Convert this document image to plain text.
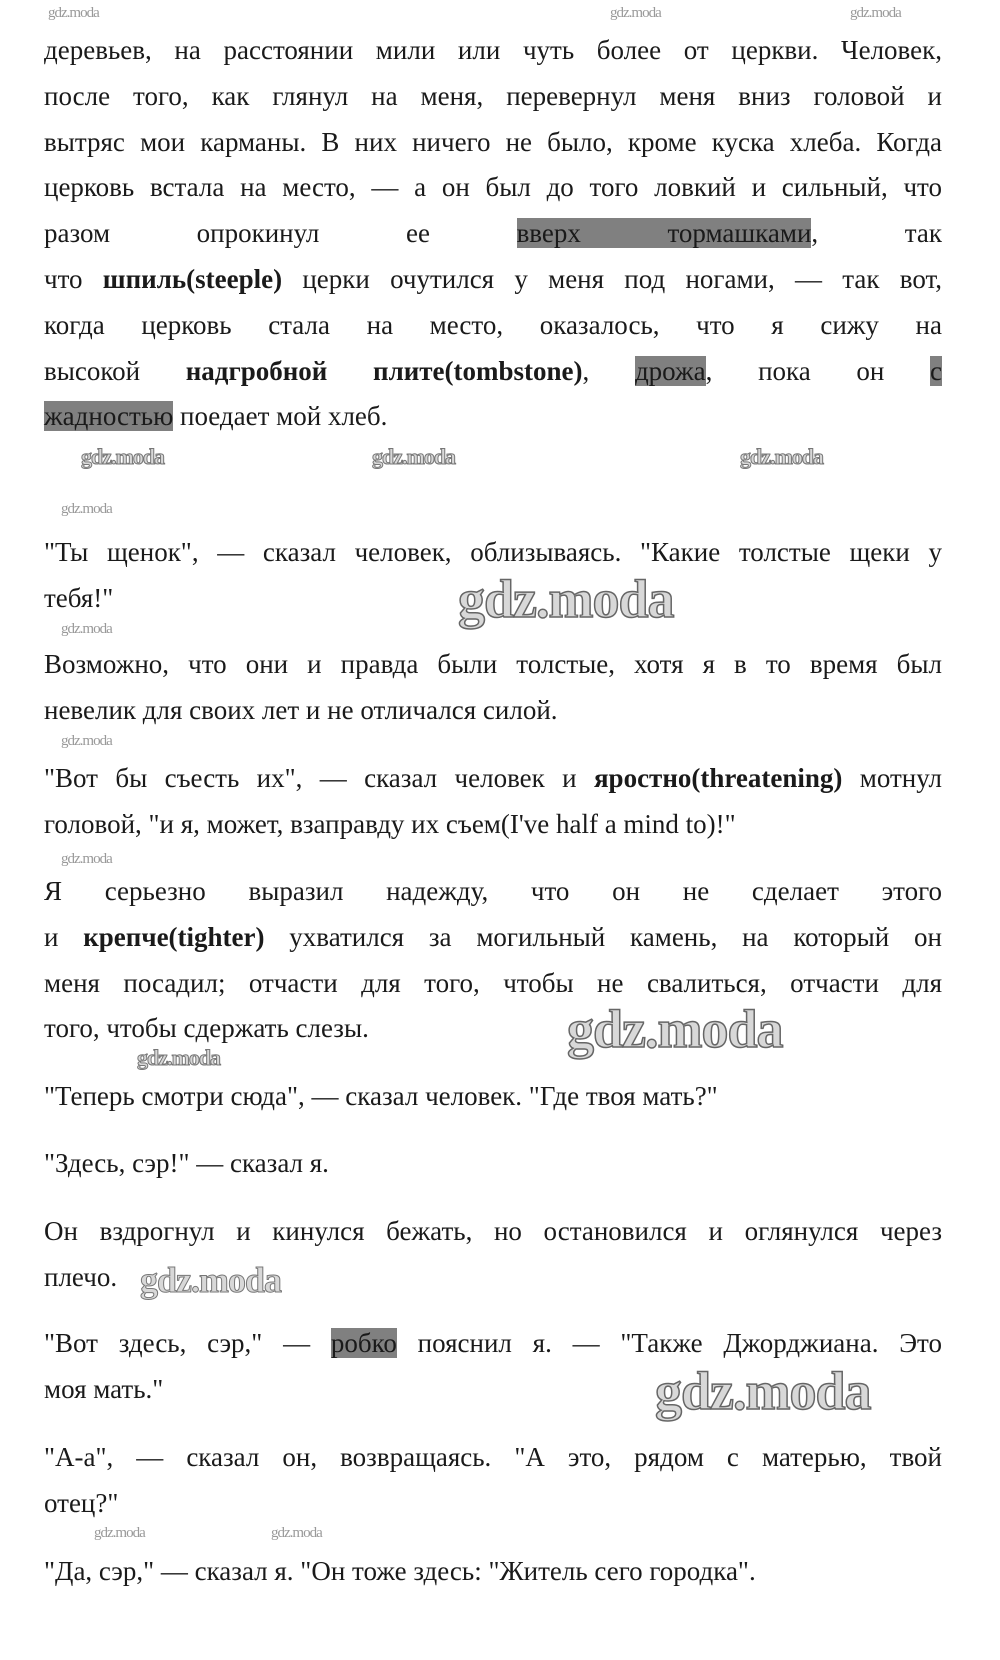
деревьев, на расстоянии мили или чуть более от церкви. Человек,
после того, как глянул на меня, перевернул меня вниз головой и
вытряс мои карманы. В них ничего не было, кроме куска хлеба. Когда
церковь встала на место, — а он был до того ловкий и сильный, что
разом опрокинул ее вверх тормашками, так
что шпиль(steeple) церки очутился у меня под ногами, — так вот,
когда церковь стала на место, оказалось, что я сижу на
высокой надгробной плите(tombstone), дрожа, пока он с
жадностью поедает мой хлеб.
"Ты щенок", — сказал человек, облизываясь. "Какие толстые щеки у
тебя!"
Возможно, что они и правда были толстые, хотя я в то время был
невелик для своих лет и не отличался силой.
"Вот бы съесть их", — сказал человек и яростно(threatening) мотнул
головой, "и я, может, взаправду их съем(I've half a mind to)!"
Я серьезно выразил надежду, что он не сделает этого
и крепче(tighter) ухватился за могильный камень, на который он
меня посадил; отчасти для того, чтобы не свалиться, отчасти для
того, чтобы сдержать слезы.
"Теперь смотри сюда", — сказал человек. "Где твоя мать?"
"Здесь, сэр!" — сказал я.
Он вздрогнул и кинулся бежать, но остановился и оглянулся через
плечо.
"Вот здесь, сэр," — робко пояснил я. — "Также Джорджиана. Это
моя мать."
"А-а", — сказал он, возвращаясь. "А это, рядом с матерью, твой
отец?"
"Да, сэр," — сказал я. "Он тоже здесь: "Житель сего городка".
gdz.moda	gdz.moda	gdz.moda
gdz.moda
gdz.moda	gdz.moda
gdz.moda
gdz.moda
gdz.moda
gdz.moda
gdz.moda
gdz.moda	gdz.moda
gdz.moda
gdz.moda
gdz.moda	gdz.moda
